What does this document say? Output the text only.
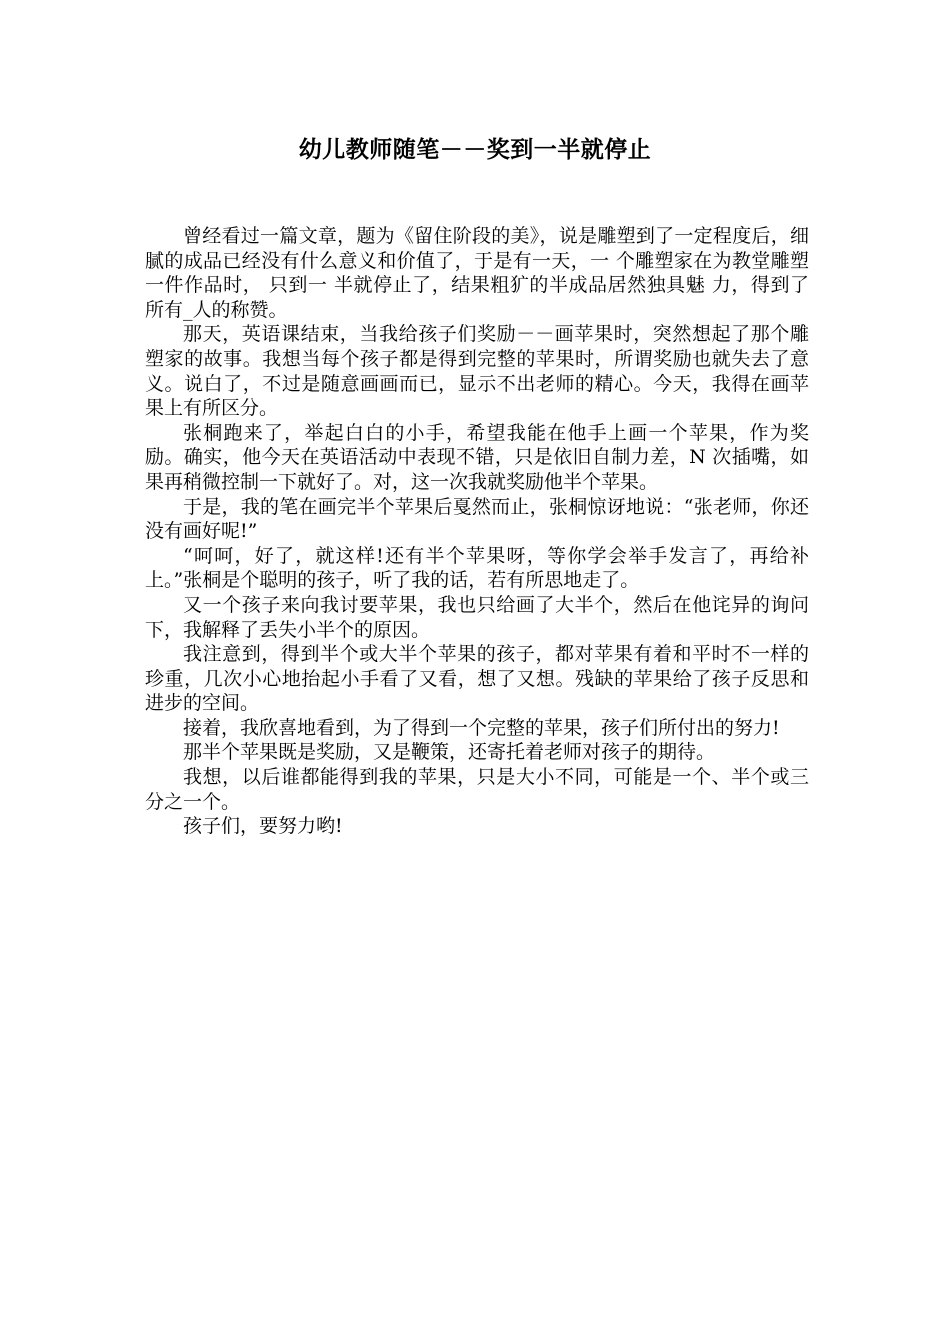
幼儿教师随笔－－奖到一半就停止

曾经看过一篇文章，题为《留住阶段的美》，说是雕塑到了一定程度后，细腻的成品已经没有什么意义和价值了，于是有一天，一 个雕塑家在为教堂雕塑一件作品时， 只到一 半就停止了，结果粗犷的半成品居然独具魅 力，得到了所有_人的称赞。

那天，英语课结束，当我给孩子们奖励－－画苹果时，突然想起了那个雕塑家的故事。我想当每个孩子都是得到完整的苹果时，所谓奖励也就失去了意义。说白了，不过是随意画画而已，显示不出老师的精心。今天，我得在画苹果上有所区分。

张桐跑来了，举起白白的小手，希望我能在他手上画一个苹果，作为奖励。确实，他今天在英语活动中表现不错，只是依旧自制力差，N 次插嘴，如果再稍微控制一下就好了。对，这一次我就奖励他半个苹果。

于是，我的笔在画完半个苹果后戛然而止，张桐惊讶地说：“张老师，你还没有画好呢!”

“呵呵，好了，就这样!还有半个苹果呀，等你学会举手发言了，再给补上。”张桐是个聪明的孩子，听了我的话，若有所思地走了。

又一个孩子来向我讨要苹果，我也只给画了大半个，然后在他诧异的询问下，我解释了丢失小半个的原因。

我注意到，得到半个或大半个苹果的孩子，都对苹果有着和平时不一样的珍重，几次小心地抬起小手看了又看，想了又想。残缺的苹果给了孩子反思和进步的空间。

接着，我欣喜地看到，为了得到一个完整的苹果，孩子们所付出的努力!

那半个苹果既是奖励，又是鞭策，还寄托着老师对孩子的期待。

我想，以后谁都能得到我的苹果，只是大小不同，可能是一个、半个或三分之一个。

孩子们，要努力哟!
